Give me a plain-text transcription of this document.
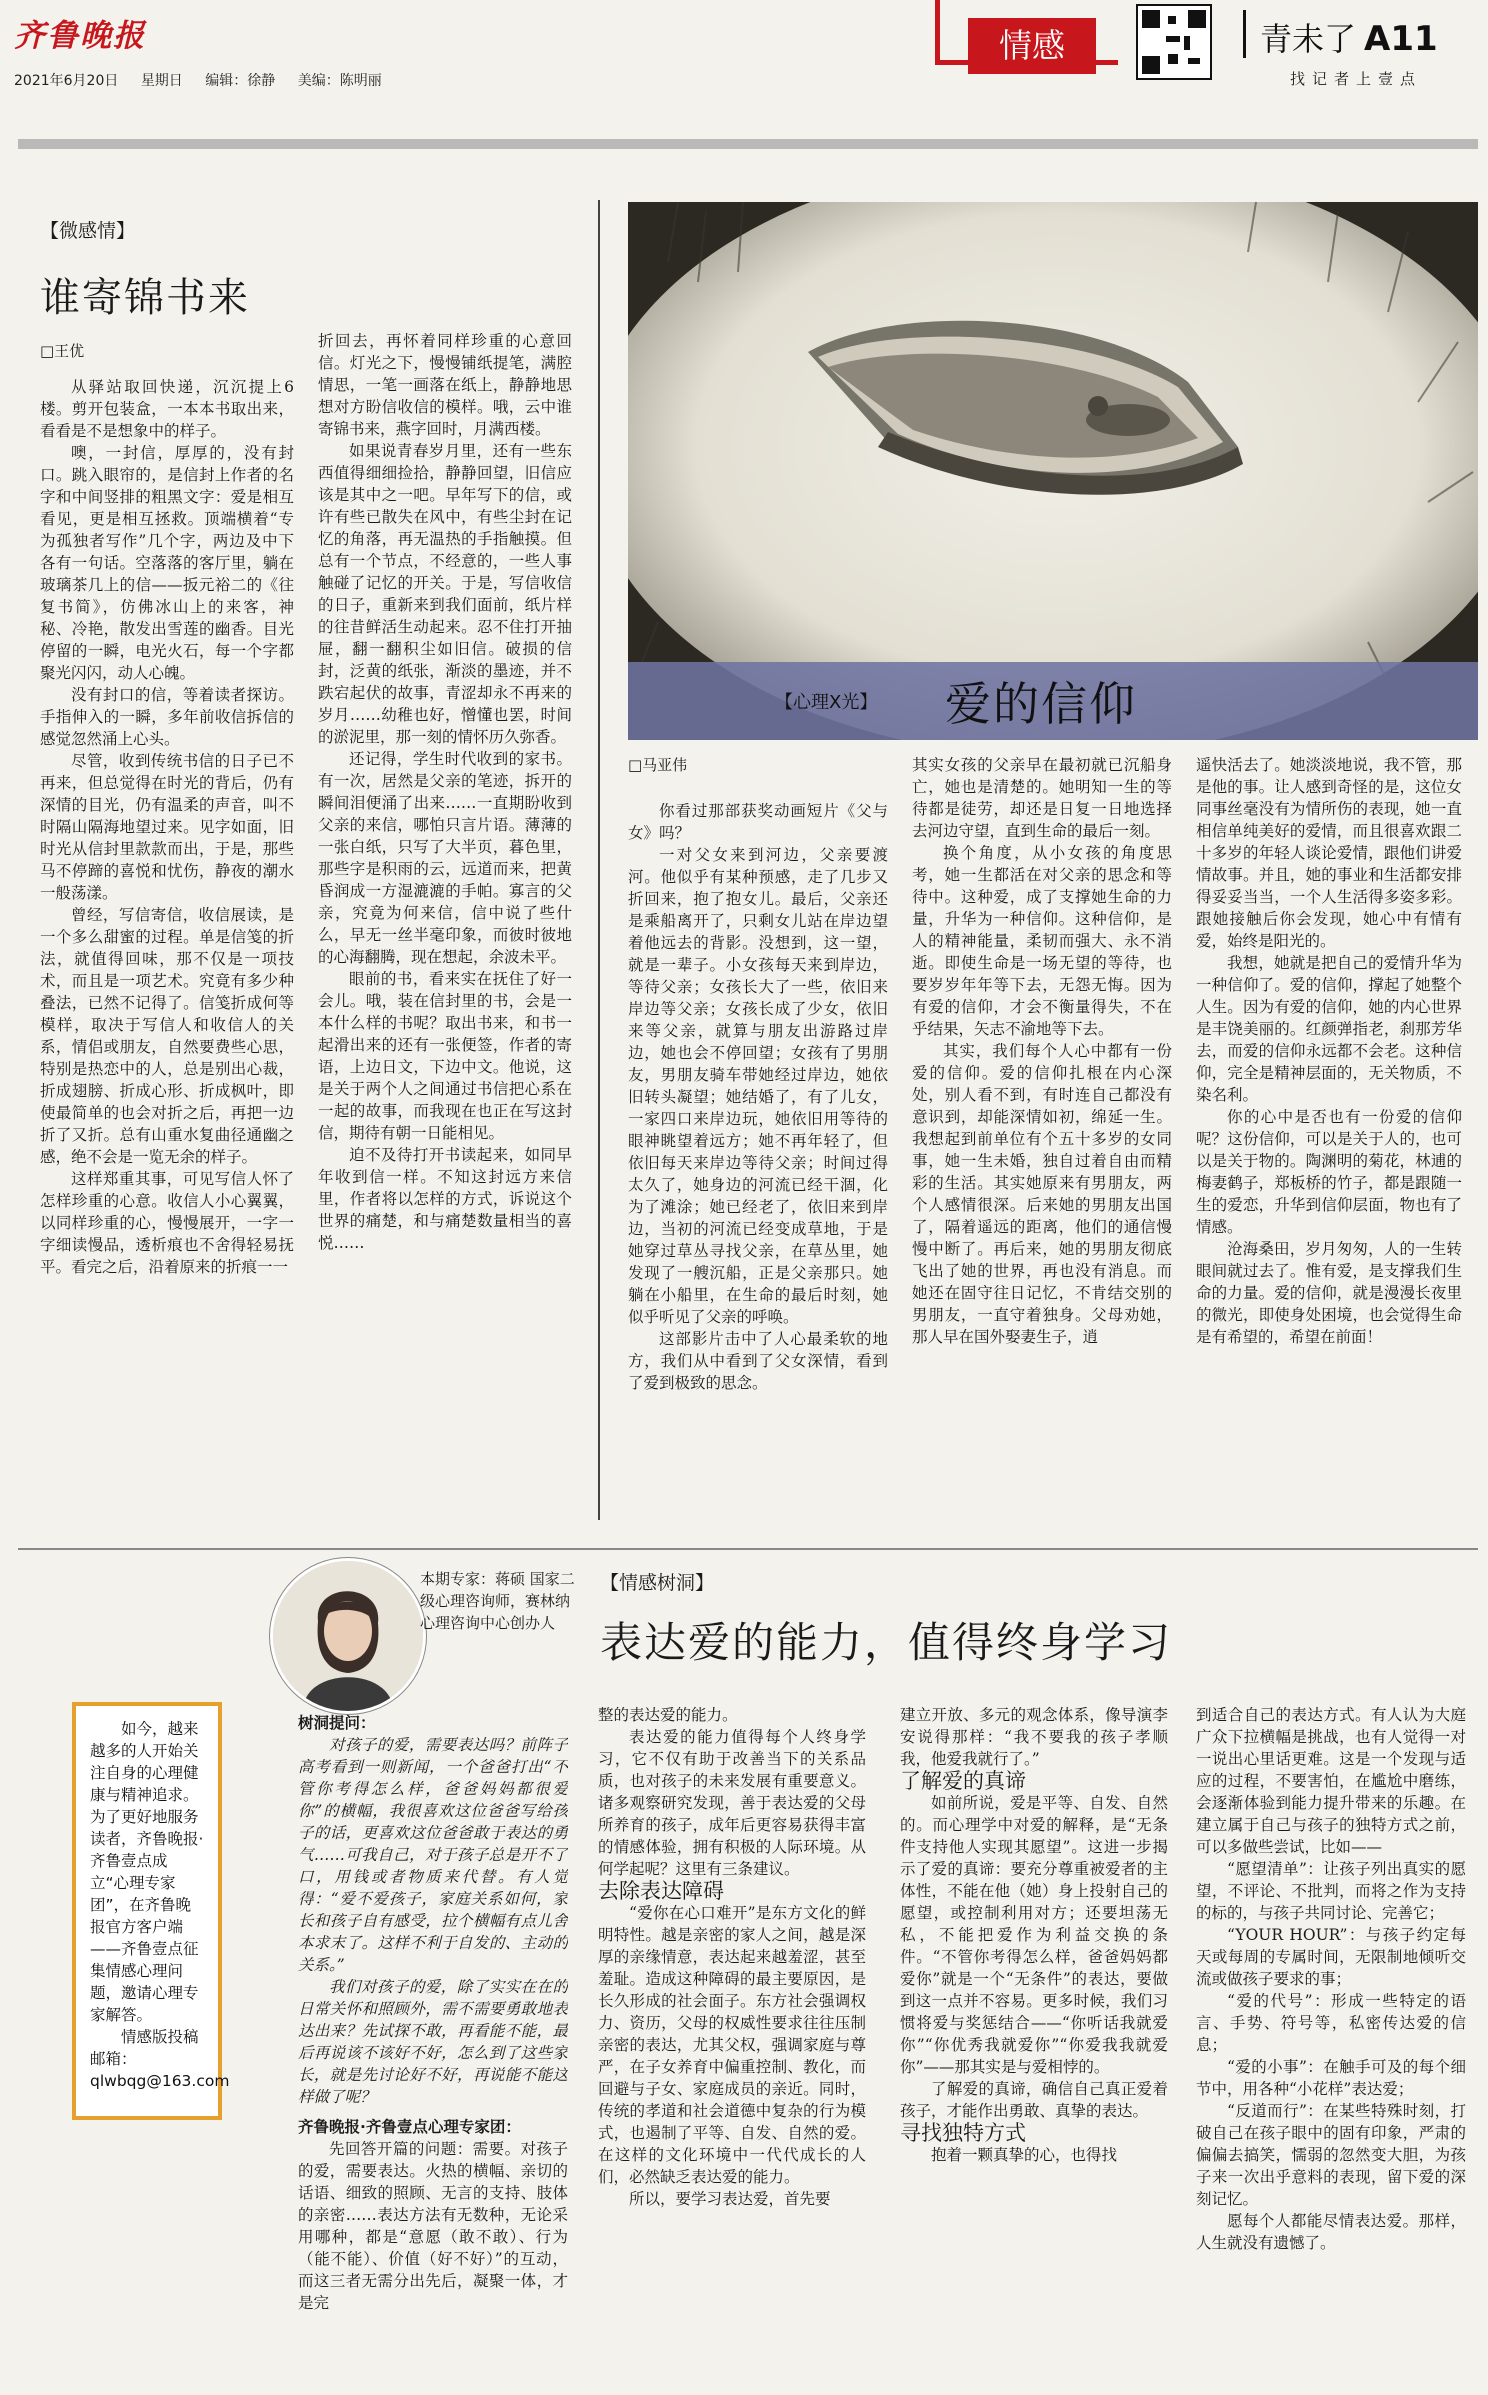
齐鲁晚报
2021年6月20日 星期日 编辑：徐静 美编：陈明丽
情感	青未了 A11
找记者上壹点
【微感情】
谁寄锦书来
□王优

从驿站取回快递，沉沉提上6楼。剪开包装盒，一本本书取出来，看看是不是想象中的样子。

噢，一封信，厚厚的，没有封口。跳入眼帘的，是信封上作者的名字和中间竖排的粗黑文字：爱是相互看见，更是相互拯救。顶端横着“专为孤独者写作”几个字，两边及中下各有一句话。空落落的客厅里，躺在玻璃茶几上的信——扳元裕二的《往复书简》，仿佛冰山上的来客，神秘、冷艳，散发出雪莲的幽香。目光停留的一瞬，电光火石，每一个字都聚光闪闪，动人心魄。

没有封口的信，等着读者探访。手指伸入的一瞬，多年前收信拆信的感觉忽然涌上心头。

尽管，收到传统书信的日子已不再来，但总觉得在时光的背后，仍有深情的目光，仍有温柔的声音，叫不时隔山隔海地望过来。见字如面，旧时光从信封里款款而出，于是，那些马不停蹄的喜悦和忧伤，静夜的潮水一般荡漾。

曾经，写信寄信，收信展读，是一个多么甜蜜的过程。单是信笺的折法，就值得回味，那不仅是一项技术，而且是一项艺术。究竟有多少种叠法，已然不记得了。信笺折成何等模样，取决于写信人和收信人的关系，情侣或朋友，自然要费些心思，特别是热恋中的人，总是别出心裁，折成翅膀、折成心形、折成枫叶，即使最简单的也会对折之后，再把一边折了又折。总有山重水复曲径通幽之感，绝不会是一览无余的样子。

这样郑重其事，可见写信人怀了怎样珍重的心意。收信人小心翼翼，以同样珍重的心，慢慢展开，一字一字细读慢品，透析痕也不舍得轻易抚平。看完之后，沿着原来的折痕一一

折回去，再怀着同样珍重的心意回信。灯光之下，慢慢铺纸提笔，满腔情思，一笔一画落在纸上，静静地思想对方盼信收信的模样。哦，云中谁寄锦书来，燕字回时，月满西楼。

如果说青春岁月里，还有一些东西值得细细捡拾，静静回望，旧信应该是其中之一吧。早年写下的信，或许有些已散失在风中，有些尘封在记忆的角落，再无温热的手指触摸。但总有一个节点，不经意的，一些人事触碰了记忆的开关。于是，写信收信的日子，重新来到我们面前，纸片样的往昔鲜活生动起来。忍不住打开抽屉，翻一翻积尘如旧信。破损的信封，泛黄的纸张，渐淡的墨迹，并不跌宕起伏的故事，青涩却永不再来的岁月……幼稚也好，憎懂也罢，时间的淤泥里，那一刻的情怀历久弥香。

还记得，学生时代收到的家书。有一次，居然是父亲的笔迹，拆开的瞬间泪便涌了出来……一直期盼收到父亲的来信，哪怕只言片语。薄薄的一张白纸，只写了大半页，暮色里，那些字是积雨的云，远道而来，把黄昏润成一方湿漉漉的手帕。寡言的父亲，究竟为何来信，信中说了些什么，早无一丝半毫印象，而彼时彼地的心海翻腾，现在想起，余波未平。

眼前的书，看来实在抚住了好一会儿。哦，装在信封里的书，会是一本什么样的书呢？取出书来，和书一起滑出来的还有一张便签，作者的寄语，上边日文，下边中文。他说，这是关于两个人之间通过书信把心系在一起的故事，而我现在也正在写这封信，期待有朝一日能相见。

迫不及待打开书读起来，如同早年收到信一样。不知这封远方来信里，作者将以怎样的方式，诉说这个世界的痛楚，和与痛楚数量相当的喜悦……

【心理X光】 爱的信仰
□马亚伟

你看过那部获奖动画短片《父与女》吗？

一对父女来到河边，父亲要渡河。他似乎有某种预感，走了几步又折回来，抱了抱女儿。最后，父亲还是乘船离开了，只剩女儿站在岸边望着他远去的背影。没想到，这一望，就是一辈子。小女孩每天来到岸边，等待父亲；女孩长大了一些，依旧来岸边等父亲；女孩长成了少女，依旧来等父亲，就算与朋友出游路过岸边，她也会不停回望；女孩有了男朋友，男朋友骑车带她经过岸边，她依旧转头凝望；她结婚了，有了儿女，一家四口来岸边玩，她依旧用等待的眼神眺望着远方；她不再年轻了，但依旧每天来岸边等待父亲；时间过得太久了，她身边的河流已经干涸，化为了滩涂；她已经老了，依旧来到岸边，当初的河流已经变成草地，于是她穿过草丛寻找父亲，在草丛里，她发现了一艘沉船，正是父亲那只。她躺在小船里，在生命的最后时刻，她似乎听见了父亲的呼唤。

这部影片击中了人心最柔软的地方，我们从中看到了父女深情，看到了爱到极致的思念。

其实女孩的父亲早在最初就已沉船身亡，她也是清楚的。她明知一生的等待都是徒劳，却还是日复一日地选择去河边守望，直到生命的最后一刻。

换个角度，从小女孩的角度思考，她一生都活在对父亲的思念和等待中。这种爱，成了支撑她生命的力量，升华为一种信仰。这种信仰，是人的精神能量，柔韧而强大、永不消逝。即使生命是一场无望的等待，也要岁岁年年等下去，无怨无悔。因为有爱的信仰，才会不衡量得失，不在乎结果，矢志不渝地等下去。

其实，我们每个人心中都有一份爱的信仰。爱的信仰扎根在内心深处，别人看不到，有时连自己都没有意识到，却能深情如初，绵延一生。我想起到前单位有个五十多岁的女同事，她一生未婚，独自过着自由而精彩的生活。其实她原来有男朋友，两个人感情很深。后来她的男朋友出国了，隔着遥远的距离，他们的通信慢慢中断了。再后来，她的男朋友彻底飞出了她的世界，再也没有消息。而她还在固守往日记忆，不肯结交别的男朋友，一直守着独身。父母劝她，那人早在国外娶妻生子，逍

遥快活去了。她淡淡地说，我不管，那是他的事。让人感到奇怪的是，这位女同事丝毫没有为情所伤的表现，她一直相信单纯美好的爱情，而且很喜欢跟二十多岁的年轻人谈论爱情，跟他们讲爱情故事。并且，她的事业和生活都安排得妥妥当当，一个人生活得多姿多彩。跟她接触后你会发现，她心中有情有爱，始终是阳光的。

我想，她就是把自己的爱情升华为一种信仰了。爱的信仰，撑起了她整个人生。因为有爱的信仰，她的内心世界是丰饶美丽的。红颜弹指老，刹那芳华去，而爱的信仰永远都不会老。这种信仰，完全是精神层面的，无关物质，不染名利。

你的心中是否也有一份爱的信仰呢？这份信仰，可以是关于人的，也可以是关于物的。陶渊明的菊花，林逋的梅妻鹤子，郑板桥的竹子，都是跟随一生的爱恋，升华到信仰层面，物也有了情感。

沧海桑田，岁月匆匆，人的一生转眼间就过去了。惟有爱，是支撑我们生命的力量。爱的信仰，就是漫漫长夜里的微光，即使身处困境，也会觉得生命是有希望的，希望在前面！

本期专家：蒋硕 国家二级心理咨询师，赛林纳心理咨询中心创办人
【情感树洞】
表达爱的能力，值得终身学习

如今，越来越多的人开始关注自身的心理健康与精神追求。为了更好地服务读者，齐鲁晚报·齐鲁壹点成立“心理专家团”，在齐鲁晚报官方客户端——齐鲁壹点征集情感心理问题，邀请心理专家解答。

情感版投稿邮箱：qlwbqg@163.com

树洞提问：

对孩子的爱，需要表达吗？前阵子高考看到一则新闻，一个爸爸打出“不管你考得怎么样，爸爸妈妈都很爱你”的横幅，我很喜欢这位爸爸写给孩子的话，更喜欢这位爸爸敢于表达的勇气……可我自己，对于孩子总是开不了口，用钱或者物质来代替。有人觉得：“爱不爱孩子，家庭关系如何，家长和孩子自有感受，拉个横幅有点儿舍本求末了。这样不利于自发的、主动的关系。”

我们对孩子的爱，除了实实在在的日常关怀和照顾外，需不需要勇敢地表达出来？先试探不敢，再看能不能，最后再说该不该好不好，怎么到了这些家长，就是先讨论好不好，再说能不能这样做了呢？

齐鲁晚报·齐鲁壹点心理专家团：

先回答开篇的问题：需要。对孩子的爱，需要表达。火热的横幅、亲切的话语、细致的照顾、无言的支持、肢体的亲密……表达方法有无数种，无论采用哪种，都是“意愿（敢不敢）、行为（能不能）、价值（好不好）”的互动，而这三者无需分出先后，凝聚一体，才是完

整的表达爱的能力。

表达爱的能力值得每个人终身学习，它不仅有助于改善当下的关系品质，也对孩子的未来发展有重要意义。诸多观察研究发现，善于表达爱的父母所养育的孩子，成年后更容易获得丰富的情感体验，拥有积极的人际环境。从何学起呢？这里有三条建议。

去除表达障碍

“爱你在心口难开”是东方文化的鲜明特性。越是亲密的家人之间，越是深厚的亲缘情意，表达起来越羞涩，甚至羞耻。造成这种障碍的最主要原因，是长久形成的社会面子。东方社会强调权力、资历，父母的权威性要求往往压制亲密的表达，尤其父权，强调家庭与尊严，在子女养育中偏重控制、教化，而回避与子女、家庭成员的亲近。同时，传统的孝道和社会道德中复杂的行为模式，也遏制了平等、自发、自然的爱。在这样的文化环境中一代代成长的人们，必然缺乏表达爱的能力。

所以，要学习表达爱，首先要

建立开放、多元的观念体系，像导演李安说得那样：“我不要我的孩子孝顺我，他爱我就行了。”

了解爱的真谛

如前所说，爱是平等、自发、自然的。而心理学中对爱的解释，是“无条件支持他人实现其愿望”。这进一步揭示了爱的真谛：要充分尊重被爱者的主体性，不能在他（她）身上投射自己的愿望，或控制利用对方；还要坦荡无私，不能把爱作为利益交换的条件。“不管你考得怎么样，爸爸妈妈都爱你”就是一个“无条件”的表达，要做到这一点并不容易。更多时候，我们习惯将爱与奖惩结合——“你听话我就爱你”“你优秀我就爱你”“你爱我我就爱你”——那其实是与爱相悖的。

了解爱的真谛，确信自己真正爱着孩子，才能作出勇敢、真挚的表达。

寻找独特方式

抱着一颗真挚的心，也得找

到适合自己的表达方式。有人认为大庭广众下拉横幅是挑战，也有人觉得一对一说出心里话更难。这是一个发现与适应的过程，不要害怕，在尴尬中磨练，会逐渐体验到能力提升带来的乐趣。在建立属于自己与孩子的独特方式之前，可以多做些尝试，比如——

“愿望清单”：让孩子列出真实的愿望，不评论、不批判，而将之作为支持的标的，与孩子共同讨论、完善它；

“YOUR HOUR”：与孩子约定每天或每周的专属时间，无限制地倾听交流或做孩子要求的事；

“爱的代号”：形成一些特定的语言、手势、符号等，私密传达爱的信息；

“爱的小事”：在触手可及的每个细节中，用各种“小花样”表达爱；

“反道而行”：在某些特殊时刻，打破自己在孩子眼中的固有印象，严肃的偏偏去搞笑，懦弱的忽然变大胆，为孩子来一次出乎意料的表现，留下爱的深刻记忆。

愿每个人都能尽情表达爱。那样，人生就没有遗憾了。
